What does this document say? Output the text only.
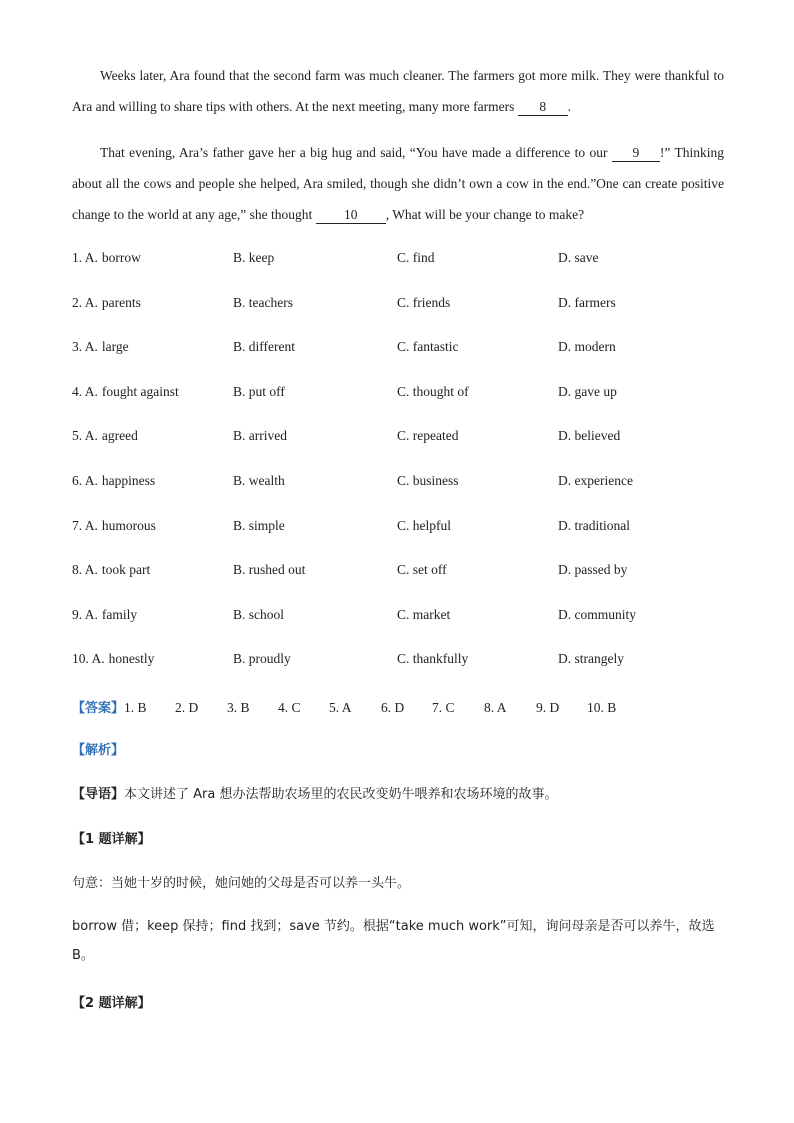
Weeks later, Ara found that the second farm was much cleaner. The farmers got more milk. They were thankful to Ara and willing to share tips with others. At the next meeting, many more farmers 8 .
That evening, Ara’s father gave her a big hug and said, “You have made a difference to our 9 !” Thinking about all the cows and people she helped, Ara smiled, though she didn’t own a cow in the end.”One can create positive change to the world at any age,” she thought 10 , What will be your change to make?
1. A. borrow	B. keep	C. find	D. save
2. A. parents	B. teachers	C. friends	D. farmers
3. A. large	B. different	C. fantastic	D. modern
4. A. fought against	B. put off	C. thought of	D. gave up
5. A. agreed	B. arrived	C. repeated	D. believed
6. A. happiness	B. wealth	C. business	D. experience
7. A. humorous	B. simple	C. helpful	D. traditional
8. A. took part	B. rushed out	C. set off	D. passed by
9. A. family	B. school	C. market	D. community
10. A. honestly	B. proudly	C. thankfully	D. strangely
【答案】1. B 2. D 3. B 4. C 5. A 6. D 7. C 8. A 9. D 10. B
【解析】
【导语】本文讲述了 Ara 想办法帮助农场里的农民改变奶牛喂养和农场环境的故事。
【1 题详解】
句意：当她十岁的时候，她问她的父母是否可以养一头牛。
borrow 借；keep 保持；find 找到；save 节约。根据“take much work”可知，询问母亲是否可以养牛，故选 B。
【2 题详解】
